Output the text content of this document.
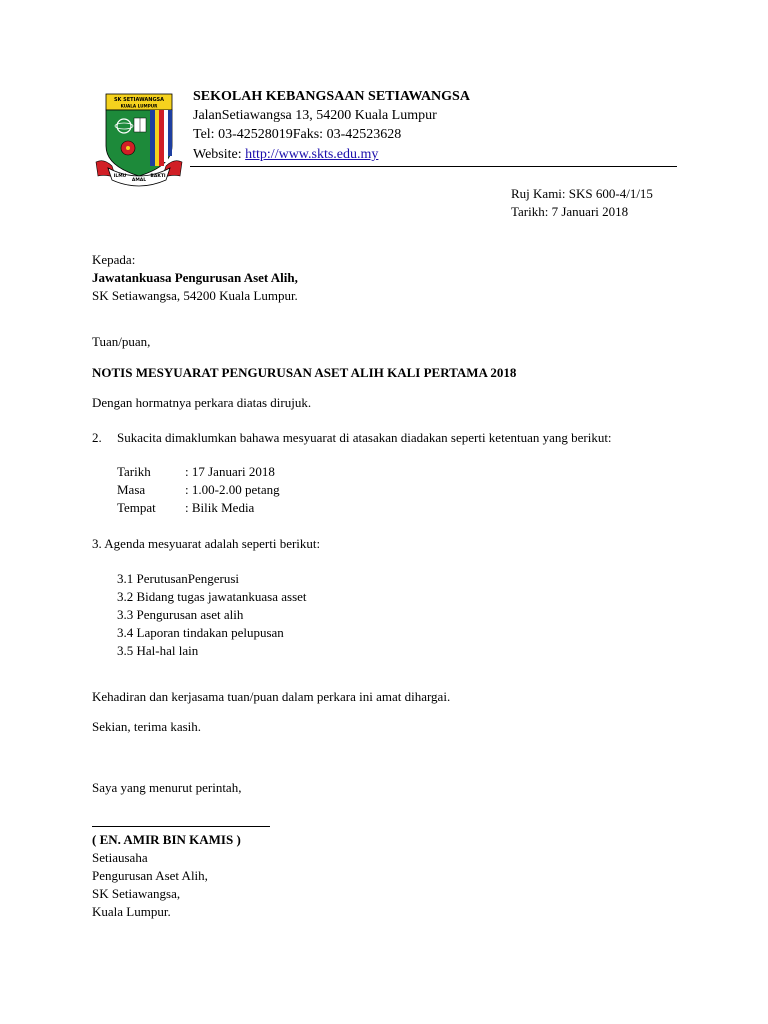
SK SETIAWANGSA
KUALA LUMPUR
ILMU
AMAL
BAKTI
SEKOLAH KEBANGSAAN SETIAWANGSA
JalanSetiawangsa 13, 54200 Kuala Lumpur
Tel: 03-42528019Faks: 03-42523628
Website: http://www.skts.edu.my
Ruj Kami: SKS 600-4/1/15
Tarikh: 7 Januari 2018
Kepada:
Jawatankuasa Pengurusan Aset Alih,
SK Setiawangsa, 54200 Kuala Lumpur.
Tuan/puan,
NOTIS MESYUARAT PENGURUSAN ASET ALIH KALI PERTAMA 2018
Dengan hormatnya perkara diatas dirujuk.
2. Sukacita dimaklumkan bahawa mesyuarat di atasakan diadakan seperti ketentuan yang berikut:
Tarikh	: 17 Januari 2018
Masa	: 1.00-2.00 petang
Tempat	: Bilik Media
3. Agenda mesyuarat adalah seperti berikut:
3.1 PerutusanPengerusi
3.2 Bidang tugas jawatankuasa asset
3.3 Pengurusan aset alih
3.4 Laporan tindakan pelupusan
3.5 Hal-hal lain
Kehadiran dan kerjasama tuan/puan dalam perkara ini amat dihargai.
Sekian, terima kasih.
Saya yang menurut perintah,
( EN. AMIR BIN KAMIS )
Setiausaha
Pengurusan Aset Alih,
SK Setiawangsa,
Kuala Lumpur.
